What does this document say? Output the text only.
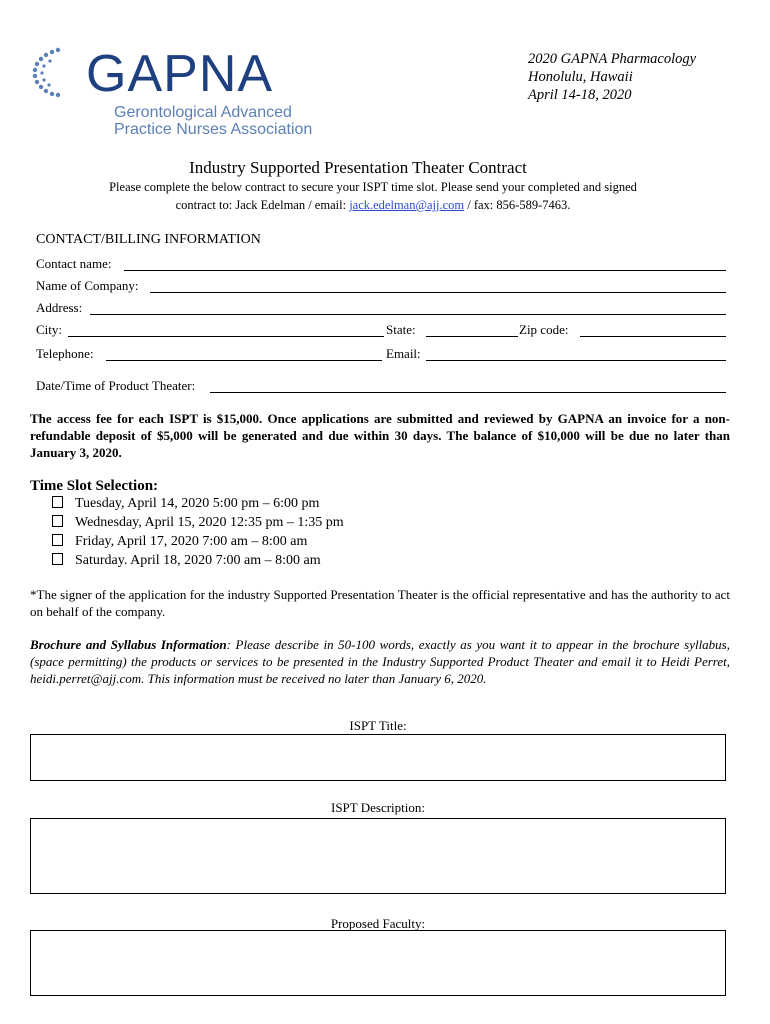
GAPNA
Gerontological Advanced
Practice Nurses Association
2020 GAPNA Pharmacology
Honolulu, Hawaii
April 14-18, 2020
Industry Supported Presentation Theater Contract
Please complete the below contract to secure your ISPT time slot. Please send your completed and signed
contract to: Jack Edelman / email: jack.edelman@ajj.com / fax: 856-589-7463.
CONTACT/BILLING INFORMATION
Contact name:
Name of Company:
Address:
City:	State:	Zip code:
Telephone:	Email:
Date/Time of Product Theater:
The access fee for each ISPT is $15,000. Once applications are submitted and reviewed by GAPNA an invoice for a non-refundable deposit of $5,000 will be generated and due within 30 days. The balance of $10,000 will be due no later than January 3, 2020.
Time Slot Selection:
Tuesday, April 14, 2020 5:00 pm – 6:00 pm
Wednesday, April 15, 2020 12:35 pm – 1:35 pm
Friday, April 17, 2020 7:00 am – 8:00 am
Saturday. April 18, 2020 7:00 am – 8:00 am
*The signer of the application for the industry Supported Presentation Theater is the official representative and has the authority to act on behalf of the company.
Brochure and Syllabus Information: Please describe in 50-100 words, exactly as you want it to appear in the brochure syllabus, (space permitting) the products or services to be presented in the Industry Supported Product Theater and email it to Heidi Perret, heidi.perret@ajj.com. This information must be received no later than January 6, 2020.
ISPT Title:
ISPT Description:
Proposed Faculty:
